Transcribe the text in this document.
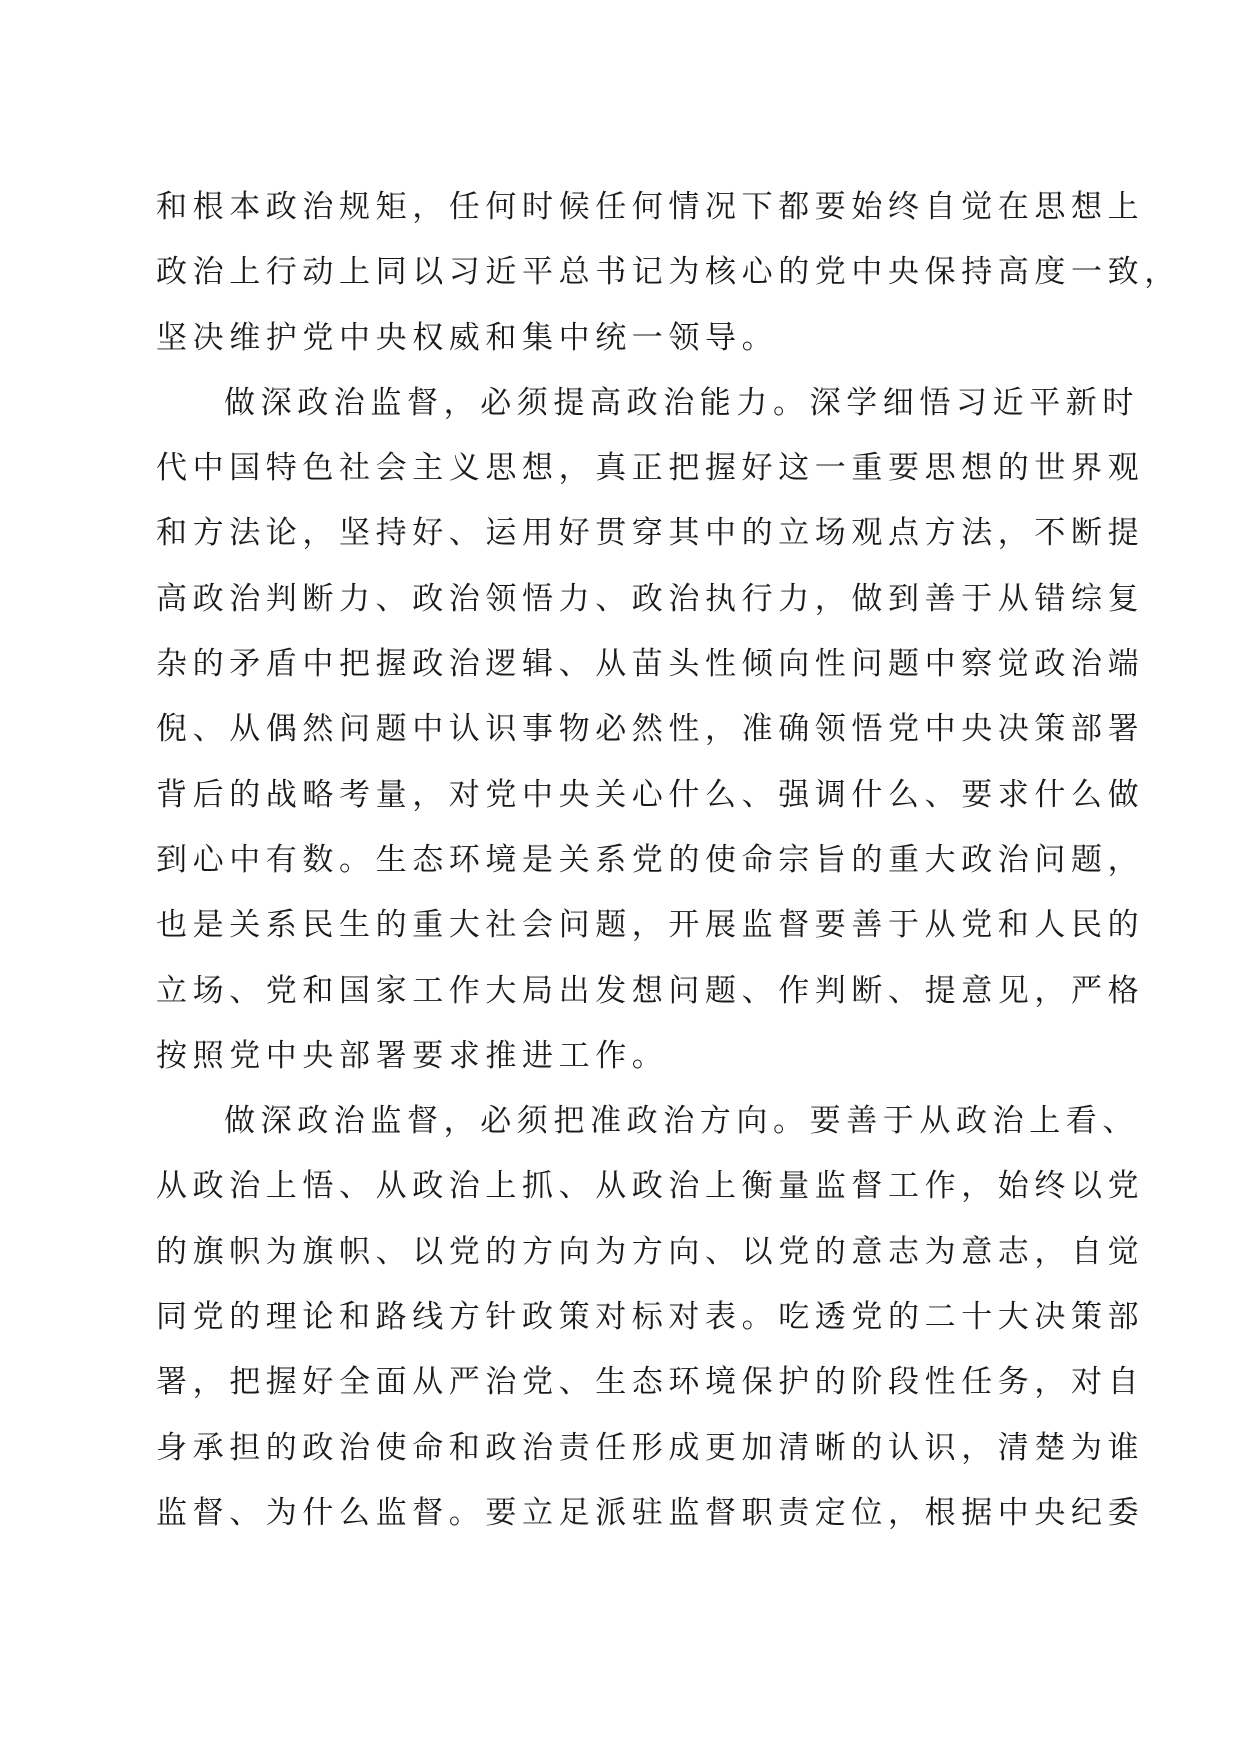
和根本政治规矩，任何时候任何情况下都要始终自觉在思想上
政治上行动上同以习近平总书记为核心的党中央保持高度一致，
坚决维护党中央权威和集中统一领导。
做深政治监督，必须提高政治能力。深学细悟习近平新时
代中国特色社会主义思想，真正把握好这一重要思想的世界观
和方法论，坚持好、运用好贯穿其中的立场观点方法，不断提
高政治判断力、政治领悟力、政治执行力，做到善于从错综复
杂的矛盾中把握政治逻辑、从苗头性倾向性问题中察觉政治端
倪、从偶然问题中认识事物必然性，准确领悟党中央决策部署
背后的战略考量，对党中央关心什么、强调什么、要求什么做
到心中有数。生态环境是关系党的使命宗旨的重大政治问题，
也是关系民生的重大社会问题，开展监督要善于从党和人民的
立场、党和国家工作大局出发想问题、作判断、提意见，严格
按照党中央部署要求推进工作。
做深政治监督，必须把准政治方向。要善于从政治上看、
从政治上悟、从政治上抓、从政治上衡量监督工作，始终以党
的旗帜为旗帜、以党的方向为方向、以党的意志为意志，自觉
同党的理论和路线方针政策对标对表。吃透党的二十大决策部
署，把握好全面从严治党、生态环境保护的阶段性任务，对自
身承担的政治使命和政治责任形成更加清晰的认识，清楚为谁
监督、为什么监督。要立足派驻监督职责定位，根据中央纪委
